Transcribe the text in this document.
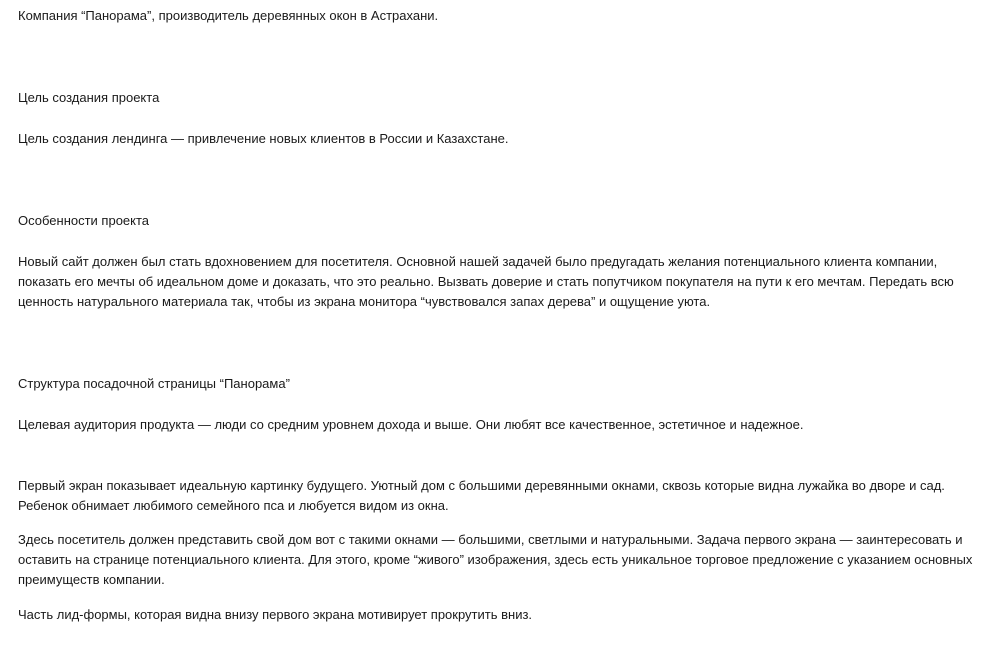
Компания “Панорама”, производитель деревянных окон в Астрахани.

Цель создания проекта

Цель создания лендинга — привлечение новых клиентов в России и Казахстане.

Особенности проекта

Новый сайт должен был стать вдохновением для посетителя. Основной нашей задачей было предугадать желания потенциального клиента компании, показать его мечты об идеальном доме и доказать, что это реально. Вызвать доверие и стать попутчиком покупателя на пути к его мечтам. Передать всю ценность натурального материала так, чтобы из экрана монитора “чувствовался запах дерева” и ощущение уюта.

Структура посадочной страницы “Панорама”

Целевая аудитория продукта — люди со средним уровнем дохода и выше. Они любят все качественное, эстетичное и надежное.

Первый экран показывает идеальную картинку будущего. Уютный дом с большими деревянными окнами, сквозь которые видна лужайка во дворе и сад. Ребенок обнимает любимого семейного пса и любуется видом из окна.

Здесь посетитель должен представить свой дом вот с такими окнами — большими, светлыми и натуральными. Задача первого экрана — заинтересовать и оставить на странице потенциального клиента. Для этого, кроме “живого” изображения, здесь есть уникальное торговое предложение с указанием основных преимуществ компании.

Часть лид-формы, которая видна внизу первого экрана мотивирует прокрутить вниз.
